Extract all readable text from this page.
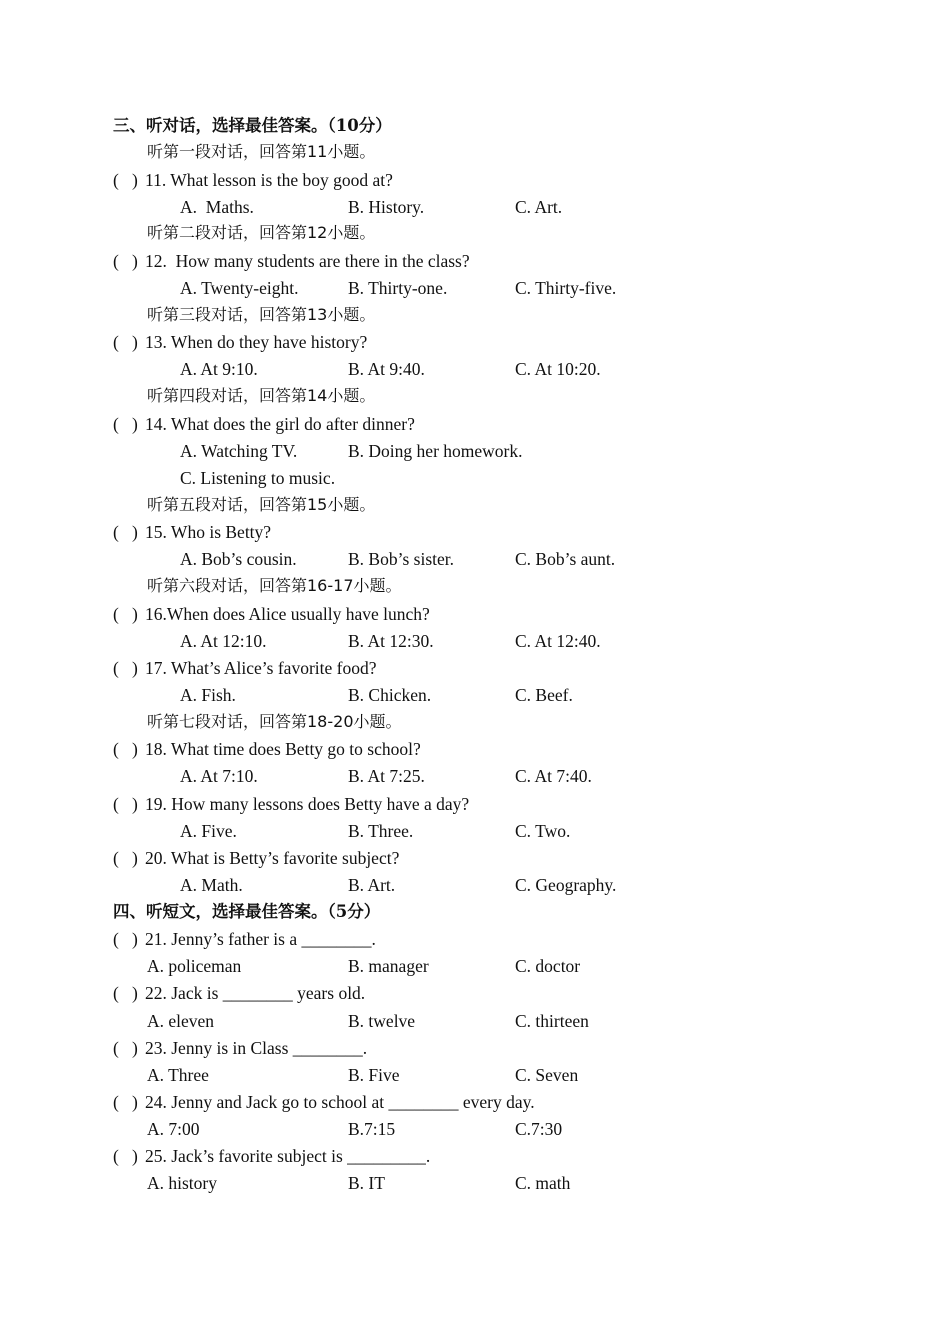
三、听对话，选择最佳答案。（10分）
听第一段对话，回答第11小题。
(   ) 11. What lesson is the boy good at?
A.  Maths.	B. History.	C. Art.
听第二段对话，回答第12小题。
(   ) 12.  How many students are there in the class?
A. Twenty-eight.	B. Thirty-one.	C. Thirty-five.
听第三段对话，回答第13小题。
(   ) 13. When do they have history?
A. At 9:10.	B. At 9:40.	C. At 10:20.
听第四段对话，回答第14小题。
(   ) 14. What does the girl do after dinner?
A. Watching TV.	B. Doing her homework.
C. Listening to music.
听第五段对话，回答第15小题。
(   ) 15. Who is Betty?
A. Bob’s cousin.	B. Bob’s sister.	C. Bob’s aunt.
听第六段对话，回答第16-17小题。
(   ) 16.When does Alice usually have lunch?
A. At 12:10.	B. At 12:30.	C. At 12:40.
(   ) 17. What’s Alice’s favorite food?
A. Fish.	B. Chicken.	C. Beef.
听第七段对话，回答第18-20小题。
(   ) 18. What time does Betty go to school?
A. At 7:10.	B. At 7:25.	C. At 7:40.
(   ) 19. How many lessons does Betty have a day?
A. Five.	B. Three.	C. Two.
(   ) 20. What is Betty’s favorite subject?
A. Math.	B. Art.	C. Geography.
四、听短文，选择最佳答案。（5分）
(   ) 21. Jenny’s father is a ________.
A. policeman	B. manager	C. doctor
(   ) 22. Jack is ________ years old.
A. eleven	B. twelve	C. thirteen
(   ) 23. Jenny is in Class ________.
A. Three	B. Five	C. Seven
(   ) 24. Jenny and Jack go to school at ________ every day.
A. 7:00	B.7:15	C.7:30
(   ) 25. Jack’s favorite subject is _________.
A. history	B. IT	C. math
